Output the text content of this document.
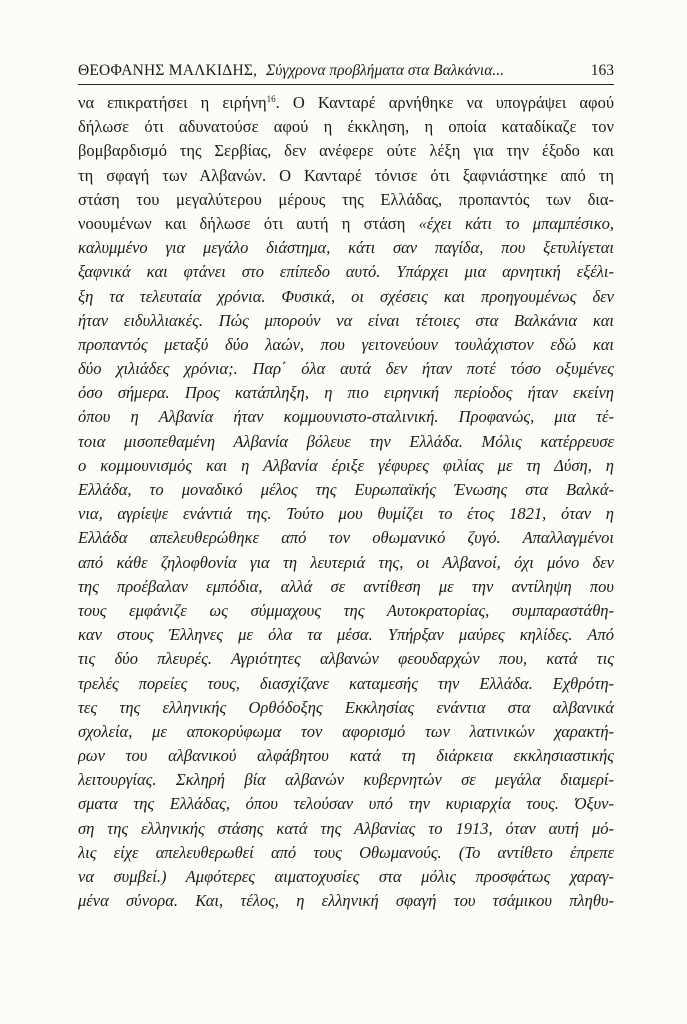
ΘΕΟΦΑΝΗΣ ΜΑΛΚΙΔΗΣ, Σύγχρονα προβλήματα στα Βαλκάνια...	163
να επικρατήσει η ειρήνη$^{16}$. Ο Κανταρέ αρνήθηκε να υπογράψει αφού
δήλωσε ότι αδυνατούσε αφού η έκκληση, η οποία καταδίκαζε τον
βομβαρδισμό της Σερβίας, δεν ανέφερε ούτε λέξη για την έξοδο και
τη σφαγή των Αλβανών. Ο Κανταρέ τόνισε ότι ξαφνιάστηκε από τη
στάση του μεγαλύτερου μέρους της Ελλάδας, προπαντός των δια-
νοουμένων και δήλωσε ότι αυτή η στάση «έχει κάτι το μπαμπέσικο,
καλυμμένο για μεγάλο διάστημα, κάτι σαν παγίδα, που ξετυλίγεται
ξαφνικά και φτάνει στο επίπεδο αυτό. Υπάρχει μια αρνητική εξέλι-
ξη τα τελευταία χρόνια. Φυσικά, οι σχέσεις και προηγουμένως δεν
ήταν ειδυλλιακές. Πώς μπορούν να είναι τέτοιες στα Βαλκάνια και
προπαντός μεταξύ δύο λαών, που γειτονεύουν τουλάχιστον εδώ και
δύο χιλιάδες χρόνια;. Παρ΄ όλα αυτά δεν ήταν ποτέ τόσο οξυμένες
όσο σήμερα. Προς κατάπληξη, η πιο ειρηνική περίοδος ήταν εκείνη
όπου η Αλβανία ήταν κομμουνιστο-σταλινική. Προφανώς, μια τέ-
τοια μισοπεθαμένη Αλβανία βόλευε την Ελλάδα. Μόλις κατέρρευσε
ο κομμουνισμός και η Αλβανία έριξε γέφυρες φιλίας με τη Δύση, η
Ελλάδα, το μοναδικό μέλος της Ευρωπαϊκής Ένωσης στα Βαλκά-
νια, αγρίεψε ενάντιά της. Τούτο μου θυμίζει το έτος 1821, όταν η
Ελλάδα απελευθερώθηκε από τον οθωμανικό ζυγό. Απαλλαγμένοι
από κάθε ζηλοφθονία για τη λευτεριά της, οι Αλβανοί, όχι μόνο δεν
της προέβαλαν εμπόδια, αλλά σε αντίθεση με την αντίληψη που
τους εμφάνιζε ως σύμμαχους της Αυτοκρατορίας, συμπαραστάθη-
καν στους Έλληνες με όλα τα μέσα. Υπήρξαν μαύρες κηλίδες. Από
τις δύο πλευρές. Αγριότητες αλβανών φεουδαρχών που, κατά τις
τρελές πορείες τους, διασχίζανε καταμεσής την Ελλάδα. Εχθρότη-
τες της ελληνικής Ορθόδοξης Εκκλησίας ενάντια στα αλβανικά
σχολεία, με αποκορύφωμα τον αφορισμό των λατινικών χαρακτή-
ρων του αλβανικού αλφάβητου κατά τη διάρκεια εκκλησιαστικής
λειτουργίας. Σκληρή βία αλβανών κυβερνητών σε μεγάλα διαμερί-
σματα της Ελλάδας, όπου τελούσαν υπό την κυριαρχία τους. Όξυν-
ση της ελληνικής στάσης κατά της Αλβανίας το 1913, όταν αυτή μό-
λις είχε απελευθερωθεί από τους Οθωμανούς. (Το αντίθετο έπρεπε
να συμβεί.) Αμφότερες αιματοχυσίες στα μόλις προσφάτως χαραγ-
μένα σύνορα. Και, τέλος, η ελληνική σφαγή του τσάμικου πληθυ-
